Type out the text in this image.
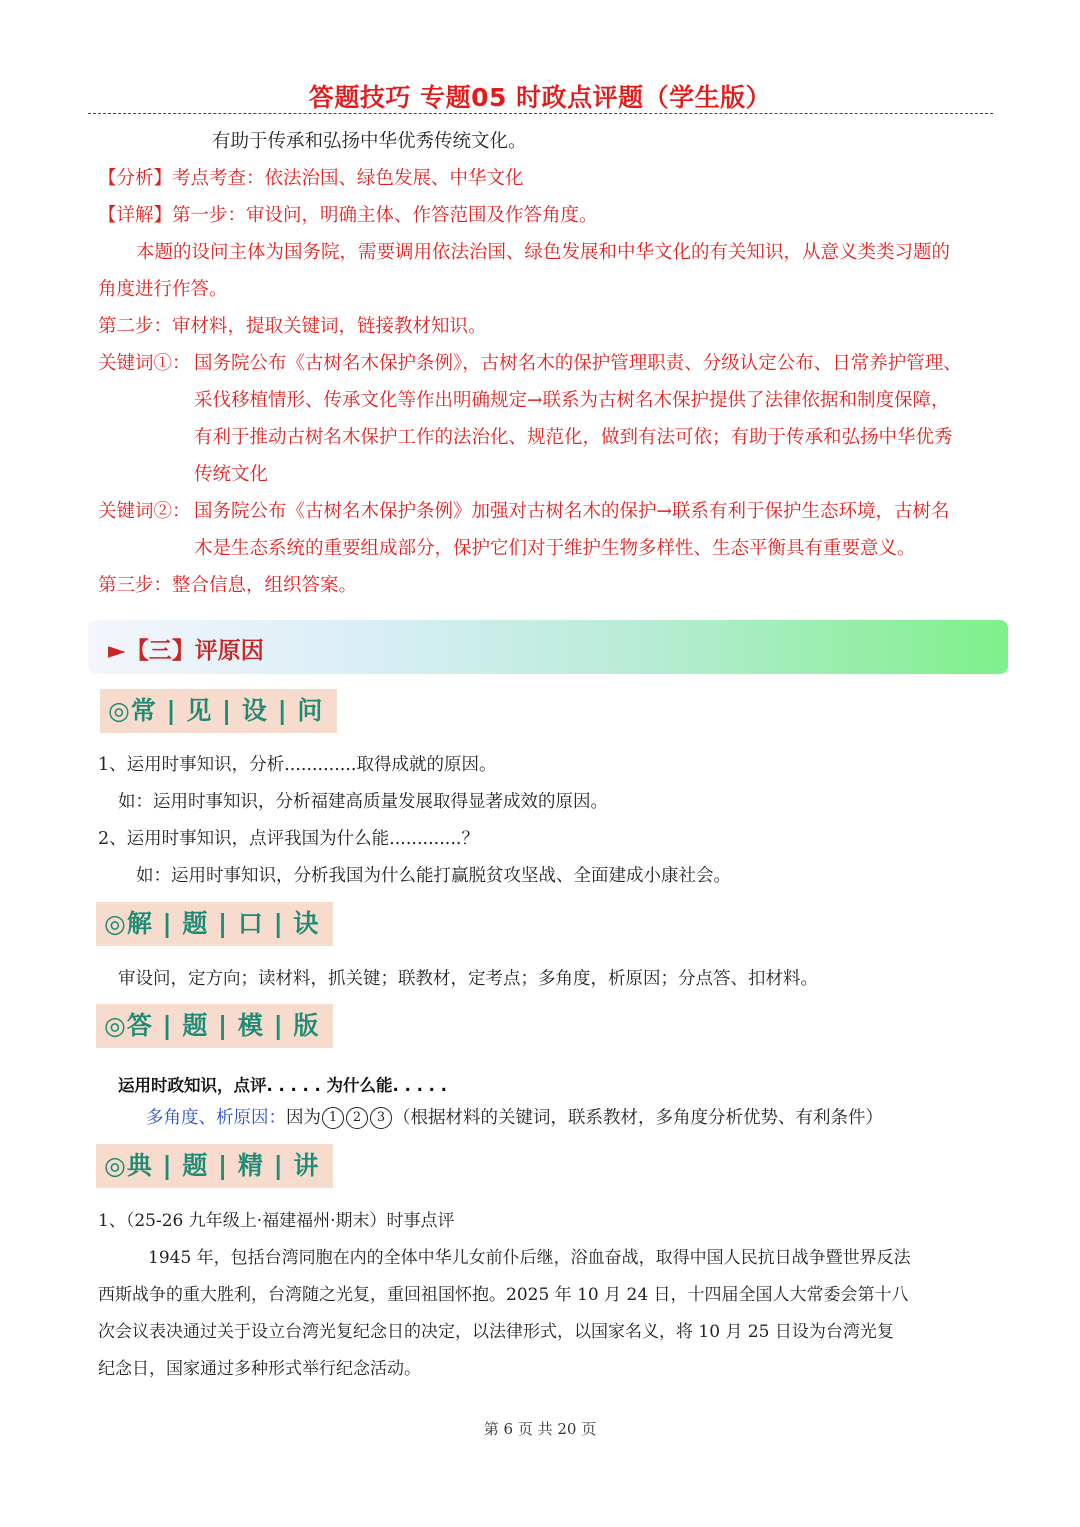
答题技巧 专题05 时政点评题（学生版）
有助于传承和弘扬中华优秀传统文化。
【分析】考点考查：依法治国、绿色发展、中华文化
【详解】第一步：审设问，明确主体、作答范围及作答角度。
本题的设问主体为国务院，需要调用依法治国、绿色发展和中华文化的有关知识，从意义类类习题的
角度进行作答。
第二步：审材料，提取关键词，链接教材知识。
关键词①： 国务院公布《古树名木保护条例》，古树名木的保护管理职责、分级认定公布、日常养护管理、
采伐移植情形、传承文化等作出明确规定→联系为古树名木保护提供了法律依据和制度保障，
有利于推动古树名木保护工作的法治化、规范化，做到有法可依；有助于传承和弘扬中华优秀
传统文化
关键词②： 国务院公布《古树名木保护条例》加强对古树名木的保护→联系有利于保护生态环境，古树名
木是生态系统的重要组成部分，保护它们对于维护生物多样性、生态平衡具有重要意义。
第三步：整合信息，组织答案。
►【三】评原因
◎常 | 见 | 设 | 问
1、运用时事知识，分析.............取得成就的原因。
如：运用时事知识，分析福建高质量发展取得显著成效的原因。
2、运用时事知识，点评我国为什么能.............？
如：运用时事知识，分析我国为什么能打赢脱贫攻坚战、全面建成小康社会。
◎解 | 题 | 口 | 诀
审设问，定方向；读材料，抓关键；联教材，定考点；多角度，析原因；分点答、扣材料。
◎答 | 题 | 模 | 版
运用时政知识，点评. . . . . 为什么能. . . . .
多角度、析原因：因为 1 2 3 （根据材料的关键词，联系教材，多角度分析优势、有利条件）
◎典 | 题 | 精 | 讲
1、（25-26 九年级上·福建福州·期末）时事点评
1945 年，包括台湾同胞在内的全体中华儿女前仆后继，浴血奋战，取得中国人民抗日战争暨世界反法
西斯战争的重大胜利，台湾随之光复，重回祖国怀抱。2025 年 10 月 24 日，十四届全国人大常委会第十八
次会议表决通过关于设立台湾光复纪念日的决定，以法律形式，以国家名义，将 10 月 25 日设为台湾光复
纪念日，国家通过多种形式举行纪念活动。
第 6 页 共 20 页
